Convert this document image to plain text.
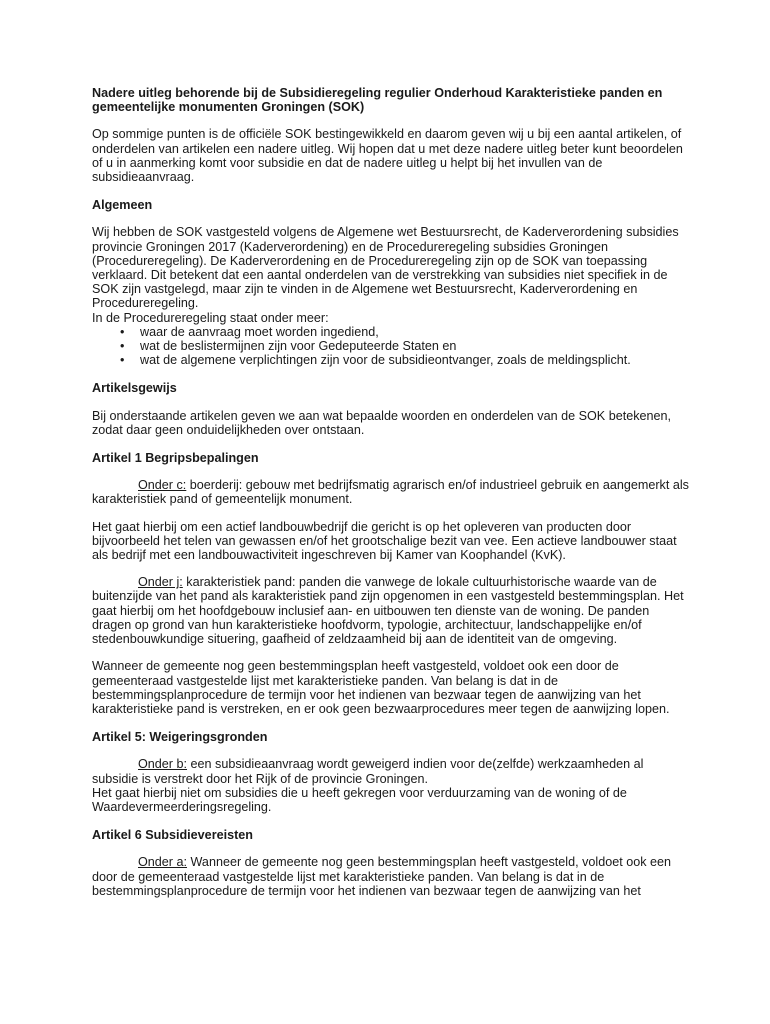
Nadere uitleg behorende bij de Subsidieregeling regulier Onderhoud Karakteristieke panden en gemeentelijke monumenten Groningen (SOK)

Op sommige punten is de officiële SOK bestingewikkeld en daarom geven wij u bij een aantal artikelen, of onderdelen van artikelen een nadere uitleg. Wij hopen dat u met deze nadere uitleg beter kunt beoordelen of u in aanmerking komt voor subsidie en dat de nadere uitleg u helpt bij het invullen van de subsidieaanvraag.

Algemeen

Wij hebben de SOK vastgesteld volgens de Algemene wet Bestuursrecht, de Kaderverordening subsidies provincie Groningen 2017 (Kaderverordening) en de Procedureregeling subsidies Groningen (Procedureregeling). De Kaderverordening en de Procedureregeling zijn op de SOK van toepassing verklaard. Dit betekent dat een aantal onderdelen van de verstrekking van subsidies niet specifiek in de SOK zijn vastgelegd, maar zijn te vinden in de Algemene wet Bestuursrecht, Kaderverordening en Procedureregeling.

In de Procedureregeling staat onder meer:

• waar de aanvraag moet worden ingediend,
• wat de beslistermijnen zijn voor Gedeputeerde Staten en
• wat de algemene verplichtingen zijn voor de subsidieontvanger, zoals de meldingsplicht.

Artikelsgewijs

Bij onderstaande artikelen geven we aan wat bepaalde woorden en onderdelen van de SOK betekenen, zodat daar geen onduidelijkheden over ontstaan.

Artikel 1 Begripsbepalingen

Onder c: boerderij: gebouw met bedrijfsmatig agrarisch en/of industrieel gebruik en aangemerkt als karakteristiek pand of gemeentelijk monument.

Het gaat hierbij om een actief landbouwbedrijf die gericht is op het opleveren van producten door bijvoorbeeld het telen van gewassen en/of het grootschalige bezit van vee. Een actieve landbouwer staat als bedrijf met een landbouwactiviteit ingeschreven bij Kamer van Koophandel (KvK).

Onder j: karakteristiek pand: panden die vanwege de lokale cultuurhistorische waarde van de buitenzijde van het pand als karakteristiek pand zijn opgenomen in een vastgesteld bestemmingsplan. Het gaat hierbij om het hoofdgebouw inclusief aan- en uitbouwen ten dienste van de woning. De panden dragen op grond van hun karakteristieke hoofdvorm, typologie, architectuur, landschappelijke en/of stedenbouwkundige situering, gaafheid of zeldzaamheid bij aan de identiteit van de omgeving.

Wanneer de gemeente nog geen bestemmingsplan heeft vastgesteld, voldoet ook een door de gemeenteraad vastgestelde lijst met karakteristieke panden. Van belang is dat in de bestemmingsplanprocedure de termijn voor het indienen van bezwaar tegen de aanwijzing van het karakteristieke pand is verstreken, en er ook geen bezwaarprocedures meer tegen de aanwijzing lopen.

Artikel 5: Weigeringsgronden

Onder b: een subsidieaanvraag wordt geweigerd indien voor de(zelfde) werkzaamheden al subsidie is verstrekt door het Rijk of de provincie Groningen.

Het gaat hierbij niet om subsidies die u heeft gekregen voor verduurzaming van de woning of de Waardevermeerderingsregeling.

Artikel 6 Subsidievereisten

Onder a: Wanneer de gemeente nog geen bestemmingsplan heeft vastgesteld, voldoet ook een door de gemeenteraad vastgestelde lijst met karakteristieke panden. Van belang is dat in de bestemmingsplanprocedure de termijn voor het indienen van bezwaar tegen de aanwijzing van het
